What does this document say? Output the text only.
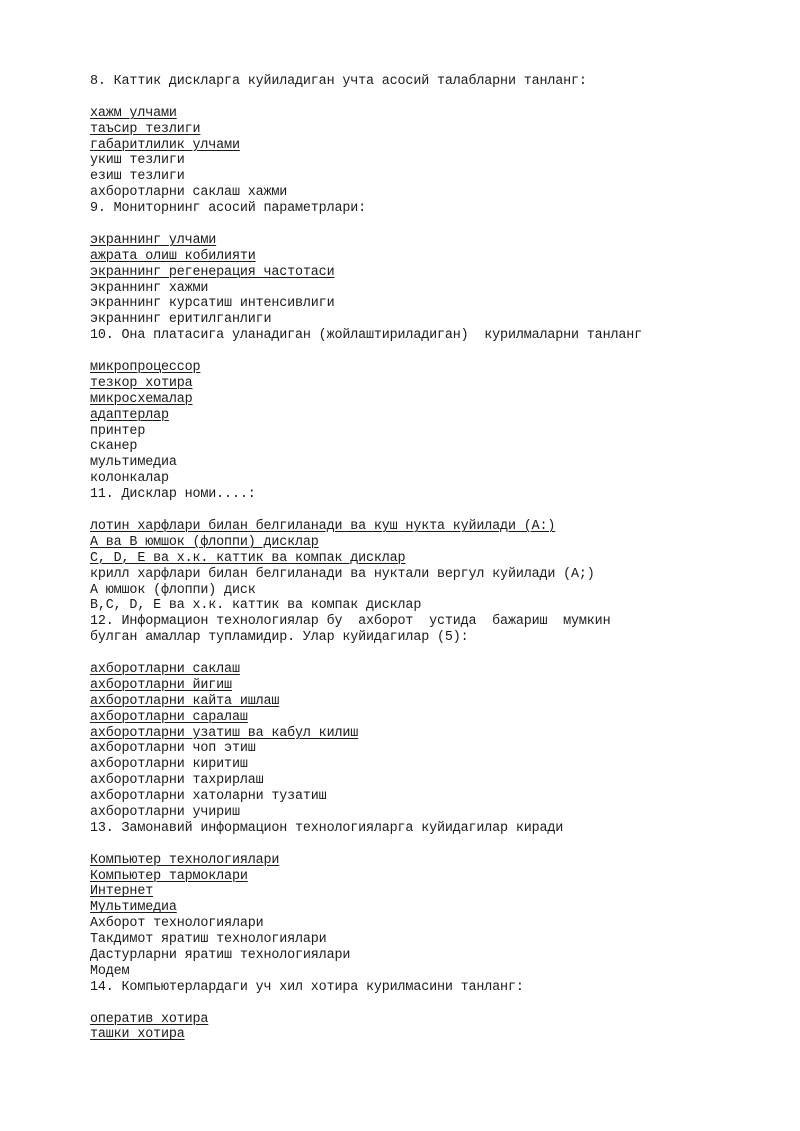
8. Каттик дискларга куйиладиган учта асосий талабларни танланг:
хажм улчами
таъсир тезлиги
габаритлилик улчами
укиш тезлиги
езиш тезлиги
ахборотларни саклаш хажми
9. Мониторнинг асосий параметрлари:
экраннинг улчами
ажрата олиш кобилияти
экраннинг регенерация частотаси
экраннинг хажми
экраннинг курсатиш интенсивлиги
экраннинг еритилганлиги
10. Она платасига уланадиган (жойлаштириладиган)  курилмаларни танланг
микропроцессор
тезкор хотира
микросхемалар
адаптерлар
принтер
сканер
мультимедиа
колонкалар
11. Дисклар номи....:
лотин харфлари билан белгиланади ва куш нукта куйилади (A:)
A ва B юмшок (флоппи) дисклар
C, D, E ва х.к. каттик ва компак дисклар
крилл харфлари билан белгиланади ва нуктали вергул куйилади (A;)
A юмшок (флоппи) диск
B,C, D, E ва х.к. каттик ва компак дисклар
12. Информацион технологиялар бу  ахборот  устида  бажариш  мумкин
булган амаллар тупламидир. Улар куйидагилар (5):
ахборотларни саклаш
ахборотларни йигиш
ахборотларни кайта ишлаш
ахборотларни саралаш
ахборотларни узатиш ва кабул килиш
ахборотларни чоп этиш
ахборотларни киритиш
ахборотларни тахрирлаш
ахборотларни хатоларни тузатиш
ахборотларни учириш
13. Замонавий информацион технологияларга куйидагилар киради
Компьютер технологиялари
Компьютер тармоклари
Интернет
Мультимедиа
Ахборот технологиялари
Такдимот яратиш технологиялари
Дастурларни яратиш технологиялари
Модем
14. Компьютерлардаги уч хил хотира курилмасини танланг:
оператив хотира
ташки хотира
